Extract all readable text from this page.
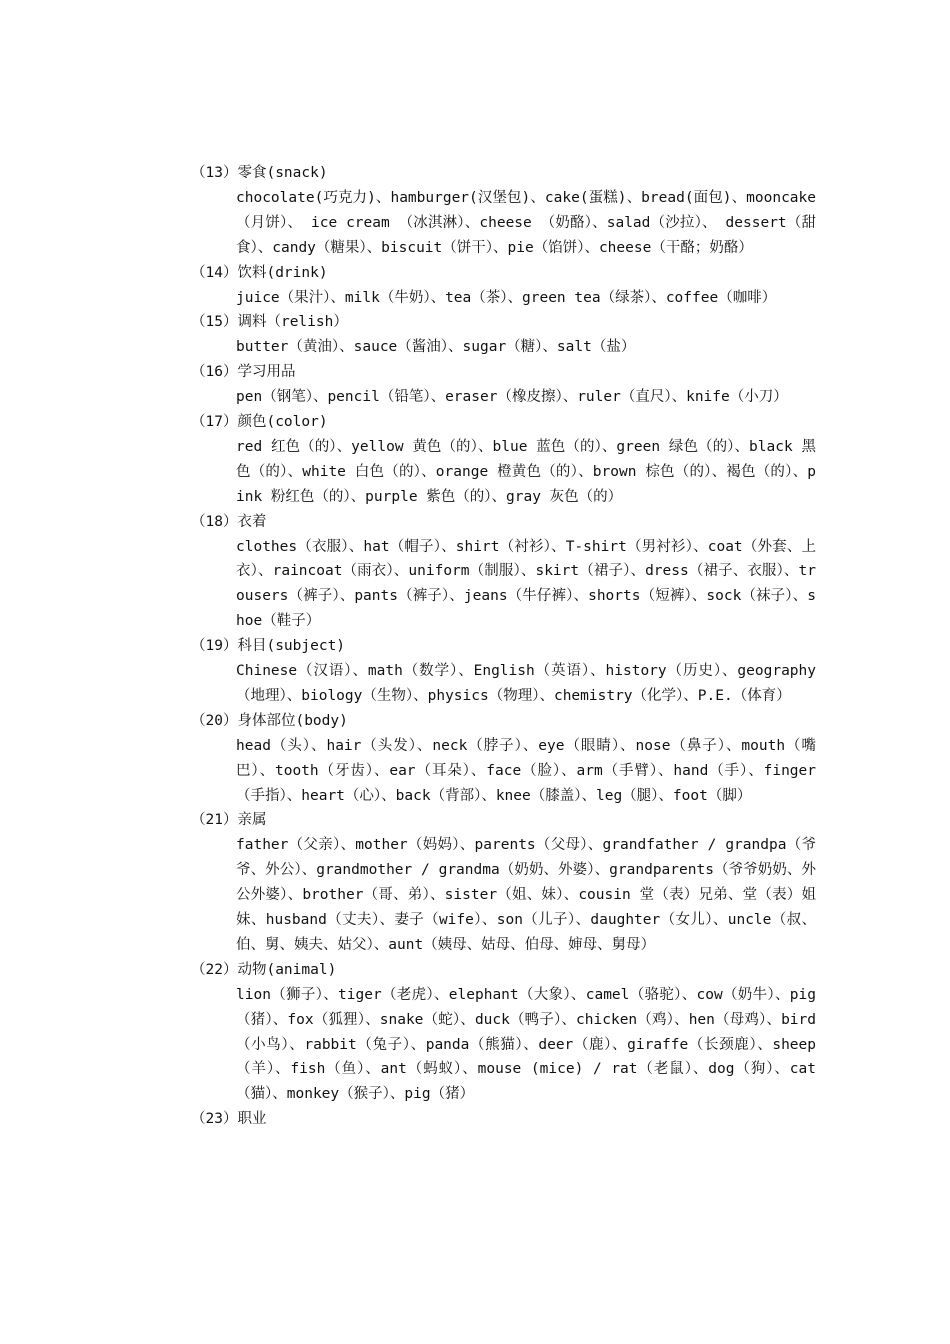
（13）零食(snack)
chocolate(巧克力)、hamburger(汉堡包)、cake(蛋糕)、bread(面包)、mooncake（月饼）、 ice cream （冰淇淋）、cheese （奶酪）、salad（沙拉）、 dessert（甜食）、candy（糖果）、biscuit（饼干）、pie（馅饼）、cheese（干酪；奶酪）
（14）饮料(drink)
juice（果汁）、milk（牛奶）、tea（茶）、green tea（绿茶）、coffee（咖啡）
（15）调料（relish）
butter（黄油）、sauce（酱油）、sugar（糖）、salt（盐）
（16）学习用品
pen（钢笔）、pencil（铅笔）、eraser（橡皮擦）、ruler（直尺）、knife（小刀）
（17）颜色(color)
red 红色（的）、yellow 黄色（的）、blue 蓝色（的）、green 绿色（的）、black 黑色（的）、white 白色（的）、orange 橙黄色（的）、brown 棕色（的）、褐色（的）、pink 粉红色（的）、purple 紫色（的）、gray 灰色（的）
（18）衣着
clothes（衣服）、hat（帽子）、shirt（衬衫）、T-shirt（男衬衫）、coat（外套、上衣）、raincoat（雨衣）、uniform（制服）、skirt（裙子）、dress（裙子、衣服）、trousers（裤子）、pants（裤子）、jeans（牛仔裤）、shorts（短裤）、sock（袜子）、shoe（鞋子）
（19）科目(subject)
Chinese（汉语）、math（数学）、English（英语）、history（历史）、geography（地理）、biology（生物）、physics（物理）、chemistry（化学）、P.E.（体育）
（20）身体部位(body)
head（头）、hair（头发）、neck（脖子）、eye（眼睛）、nose（鼻子）、mouth（嘴巴）、tooth（牙齿）、ear（耳朵）、face（脸）、arm（手臂）、hand（手）、finger（手指）、heart（心）、back（背部）、knee（膝盖）、leg（腿）、foot（脚）
（21）亲属
father（父亲）、mother（妈妈）、parents（父母）、grandfather / grandpa（爷爷、外公）、grandmother / grandma（奶奶、外婆）、grandparents（爷爷奶奶、外公外婆）、brother（哥、弟）、sister（姐、妹）、cousin 堂（表）兄弟、堂（表）姐妹、husband（丈夫）、妻子（wife）、son（儿子）、daughter（女儿）、uncle（叔、伯、舅、姨夫、姑父）、aunt（姨母、姑母、伯母、婶母、舅母）
（22）动物(animal)
lion（狮子）、tiger（老虎）、elephant（大象）、camel（骆驼）、cow（奶牛）、pig（猪）、fox（狐狸）、snake（蛇）、duck（鸭子）、chicken（鸡）、hen（母鸡）、bird（小鸟）、rabbit（兔子）、panda（熊猫）、deer（鹿）、giraffe（长颈鹿）、sheep（羊）、fish（鱼）、ant（蚂蚁）、mouse (mice) / rat（老鼠）、dog（狗）、cat（猫）、monkey（猴子）、pig（猪）
（23）职业
